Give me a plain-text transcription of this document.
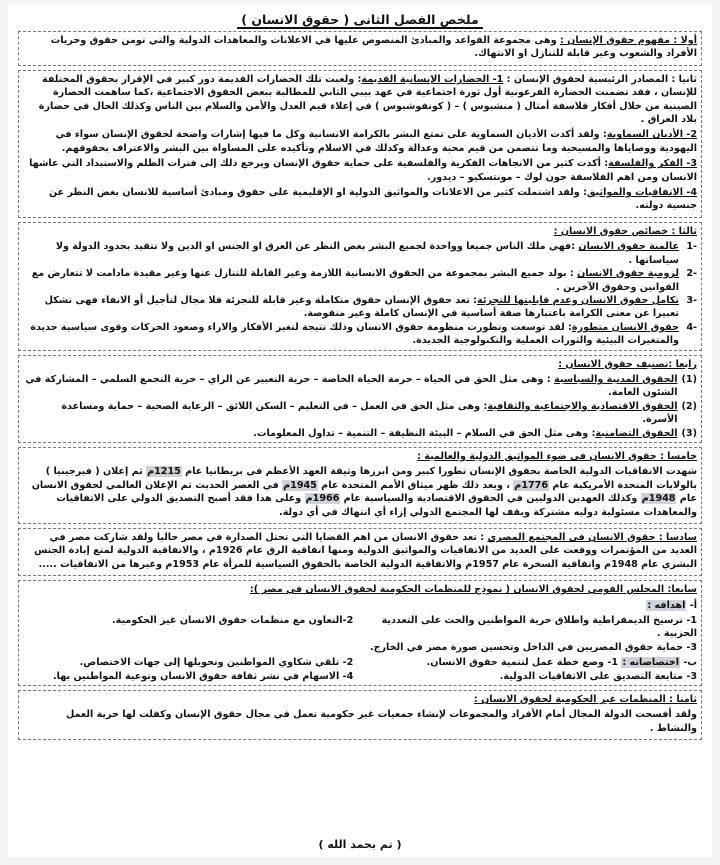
ملخص الفصل الثانى ( حقوق الانسان )

أولا : مفهوم حقوق الإنسان : وهى مجموعة القواعد والمبادئ المنصوص عليها في الاعلانات والمعاهدات الدولية والتي تومن حقوق وحريات الأفراد والشعوب وغير قابلة للتنازل او الانتهاك.

ثانيا : المصادر الرئيسية لحقوق الإنسان : 1- الحضارات الإنسانية القديمة: ولعبت تلك الحضارات القديمة دور كبير في الإقرار بحقوق المختلفة للإنسان ، فقد تضمنت الحضارة الفرعونية أول ثورة اجتماعية في عهد بيبي الثاني للمطالبة ببعض الحقوق الاجتماعية ،كما ساهمت الحضارة الصينية من خلال أفكار فلاسفة أمثال ( منشيوس ) – ( كونفوشيوس ) في إعلاء قيم العدل والأمن والسلام بين الناس وكذلك الحال في حضارة بلاد العراق .

2- الأديان السماوية: ولقد أكدت الأديان السماوية على تمتع البشر بالكرامة الانسانية وكل ما فيها إشارات واضحة لحقوق الإنسان سواء في اليهودية ووصاياها والمسيحية وما تتضمن من قيم محبة وعدالة وكذلك في الاسلام وتأكيده على المساواة بين البشر والاعتراف بحقوقهم.

3- الفكر والفلسفة: أكدت كثير من الاتجاهات الفكرية والفلسفية على حماية حقوق الإنسان ويرجع ذلك إلى فترات الظلم والاستبداد التي عاشها الانسان ومن اهم الفلاسفة جون لوك – مونتسكيو – ديدور.

4- الاتفاقيات والمواثيق: ولقد اشتملت كثير من الاعلانات والمواثيق الدولية او الإقليمية على حقوق ومبادئ أساسية للانسان بغض النظر عن جنسية دولته.

ثالثا : خصائص حقوق الانسان :

-1
عالمية حقوق الانسان :فهي ملك الناس جميعا وواحدة لجميع البشر بغض النظر عن العرق او الجنس او الدين ولا تتقيد بحدود الدولة ولا سياساتها .
-2
لزومية حقوق الانسان : بولد جميع البشر بمجموعة من الحقوق الانسانية اللازمة وغير القابلة للتنازل عنها وغير مقيدة مادامت لا تتعارض مع القوانين وحقوق الآخرين .
-3
تكامل حقوق الانسان وعدم قابليتها للتجزئة: تعد حقوق الإنسان حقوق متكاملة وغير قابلة للتجزئة فلا مجال لتأجيل أو الانفاء فهى تشكل تعبيرا عن معنى الكرامة باعتبارها صفة أساسية في الإنسان كاملة وغير منقوصة.
-4
حقوق الانسان متطورة: لقد توسعت وتطورت منظومة حقوق الانسان وذلك نتيجة لتغير الأفكار والاراء وصعود الحركات وقوى سياسية جديدة والمتغيرات البيئية والثورات العملية والتكنولوجية الجديدة.

رابعا :تصنيف حقوق الانسان :

(1)
الحقوق المدنية والسياسية : وهى مثل الحق في الحياة – حرمة الحياة الخاصة – حرية التعبير عن الراي – حرية التجمع السلمي – المشاركة في الشئون العامة.
(2)
الحقوق الاقتصادية والاجتماعية والثقافية: وهى مثل الحق في العمل – في التعليم – السكن اللائق – الرعاية الصحية – حماية ومساعدة الأسرة.
(3)
الحقوق التضامنية: وهى مثل الحق في السلام – البيئة النظيفة – التنمية – تداول المعلومات.

خامسا : حقوق الانسان في ضوء المواثيق الدولية والعالمية :

شهدت الاتفاقيات الدولية الخاصة بحقوق الإنسان تطورا كبير ومن ابرزها وثيقة العهد الأعظم في بريطانيا عام 1215م ثم إعلان ( فيرجينيا ) بالولايات المتحدة الأمريكية عام 1776م ، وبعد ذلك ظهر ميثاق الأمم المتحدة عام 1945م في العصر الحديث ثم الإعلان العالمي لحقوق الانسان عام 1948م وكذلك العهدين الدوليين في الحقوق الاقتصادية والسياسية عام 1966م وعلى هذا فقد أصبح التصديق الدولي على الاتفاقيات والمعاهدات مسئولية دوليه مشتركة ويقف لها المجتمع الدولي إزاء أي انتهاك في أي دولة.

سادسا : حقوق الانسان في المجتمع المصري : تعد حقوق الانسان من اهم القضايا التي تحتل الصدارة في مصر حاليا ولقد شاركت مصر في العديد من المؤتمرات ووقعت على العديد من الاتفاقيات والمواثيق الدولية ومنها اتفاقية الرق عام 1926م ، والاتفاقية الدولية لمنع إبادة الجنس البشري عام 1948م واتفاقية السخرة عام 1957م والاتفاقية الدولية الخاصة بالحقوق السياسية للمرأة عام 1953م وغيرها من الاتفاقيات .....

سابعا: المجلس القومي لحقوق الانسان ( نموذج للمنظمات الحكومية لحقوق الانسان في مصر ):

أ- اهدافه :

1- ترسيخ الديمقراطية واطلاق حرية المواطنين والحث على التعددية الحزبية .
2-التعاون مع منظمات حقوق الانسان غير الحكومية.

3- حماية حقوق المصريين في الداخل وتحسين صورة مصر في الخارج.

ب- اختصاصاته : 1- وضع خطة عمل لتنمية حقوق الانسان.
2- تلقي شكاوي المواطنين وتحويلها إلى جهات الاختصاص.
3- متابعة التصديق على الاتفاقيات الدولية.
4- الاسهام في نشر ثقافة حقوق الانسان وتوعية المواطنين بها.

ثامنا : المنظمات غير الحكومية لحقوق الانسان :

ولقد أفسحت الدولة المجال أمام الأفراد والمجموعات لإنشاء جمعيات غير حكومية تعمل في مجال حقوق الإنسان وكفلت لها حرية العمل والنشاط .

( تم بحمد الله )
